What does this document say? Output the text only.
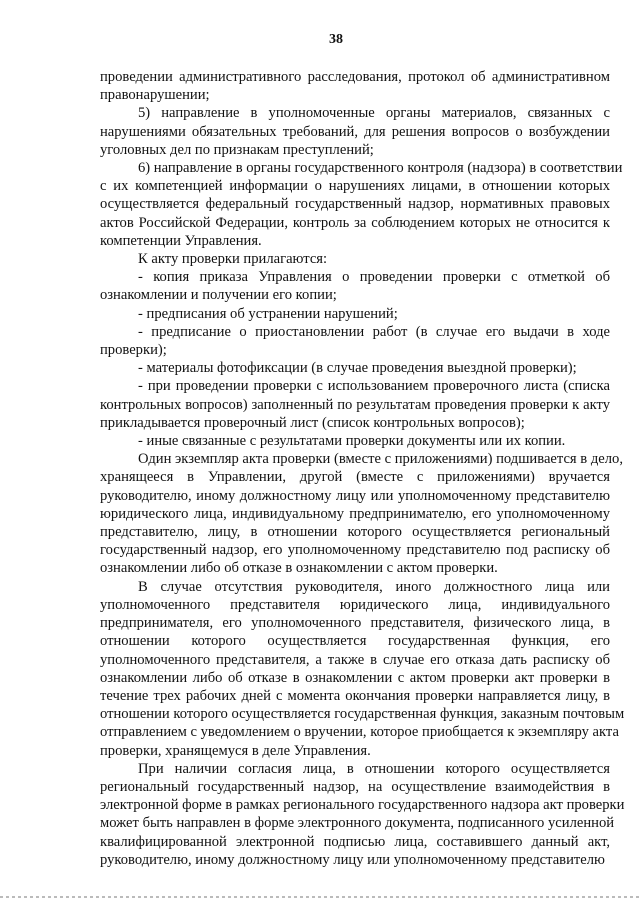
38
проведении административного расследования, протокол об административном
правонарушении;
5) направление в уполномоченные органы материалов, связанных с
нарушениями обязательных требований, для решения вопросов о возбуждении
уголовных дел по признакам преступлений;
6) направление в органы государственного контроля (надзора) в соответствии
с их компетенцией информации о нарушениях лицами, в отношении которых
осуществляется федеральный государственный надзор, нормативных правовых
актов Российской Федерации, контроль за соблюдением которых не относится к
компетенции Управления.
К акту проверки прилагаются:
- копия приказа Управления о проведении проверки с отметкой об
ознакомлении и получении его копии;
- предписания об устранении нарушений;
- предписание о приостановлении работ (в случае его выдачи в ходе
проверки);
- материалы фотофиксации (в случае проведения выездной проверки);
- при проведении проверки с использованием проверочного листа (списка
контрольных вопросов) заполненный по результатам проведения проверки к акту
прикладывается проверочный лист (список контрольных вопросов);
- иные связанные с результатами проверки документы или их копии.
Один экземпляр акта проверки (вместе с приложениями) подшивается в дело,
хранящееся в Управлении, другой (вместе с приложениями) вручается
руководителю, иному должностному лицу или уполномоченному представителю
юридического лица, индивидуальному предпринимателю, его уполномоченному
представителю, лицу, в отношении которого осуществляется региональный
государственный надзор, его уполномоченному представителю под расписку об
ознакомлении либо об отказе в ознакомлении с актом проверки.
В случае отсутствия руководителя, иного должностного лица или
уполномоченного представителя юридического лица, индивидуального
предпринимателя, его уполномоченного представителя, физического лица, в
отношении которого осуществляется государственная функция, его
уполномоченного представителя, а также в случае его отказа дать расписку об
ознакомлении либо об отказе в ознакомлении с актом проверки акт проверки в
течение трех рабочих дней с момента окончания проверки направляется лицу, в
отношении которого осуществляется государственная функция, заказным почтовым
отправлением с уведомлением о вручении, которое приобщается к экземпляру акта
проверки, хранящемуся в деле Управления.
При наличии согласия лица, в отношении которого осуществляется
региональный государственный надзор, на осуществление взаимодействия в
электронной форме в рамках регионального государственного надзора акт проверки
может быть направлен в форме электронного документа, подписанного усиленной
квалифицированной электронной подписью лица, составившего данный акт,
руководителю, иному должностному лицу или уполномоченному представителю
